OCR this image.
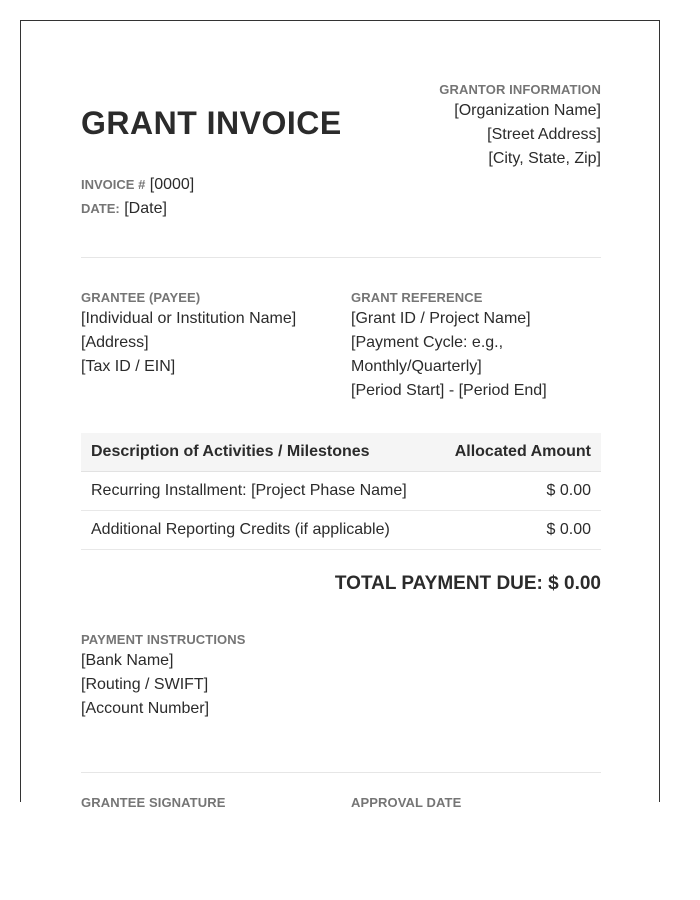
GRANT INVOICE
GRANTOR INFORMATION
[Organization Name]
[Street Address]
[City, State, Zip]
INVOICE # [0000]
DATE: [Date]
GRANTEE (PAYEE)
[Individual or Institution Name]
[Address]
[Tax ID / EIN]
GRANT REFERENCE
[Grant ID / Project Name]
[Payment Cycle: e.g.,
Monthly/Quarterly]
[Period Start] - [Period End]
Description of Activities / Milestones	Allocated Amount
Recurring Installment: [Project Phase Name]	$ 0.00
Additional Reporting Credits (if applicable)	$ 0.00
TOTAL PAYMENT DUE: $ 0.00
PAYMENT INSTRUCTIONS
[Bank Name]
[Routing / SWIFT]
[Account Number]
GRANTEE SIGNATURE	APPROVAL DATE
